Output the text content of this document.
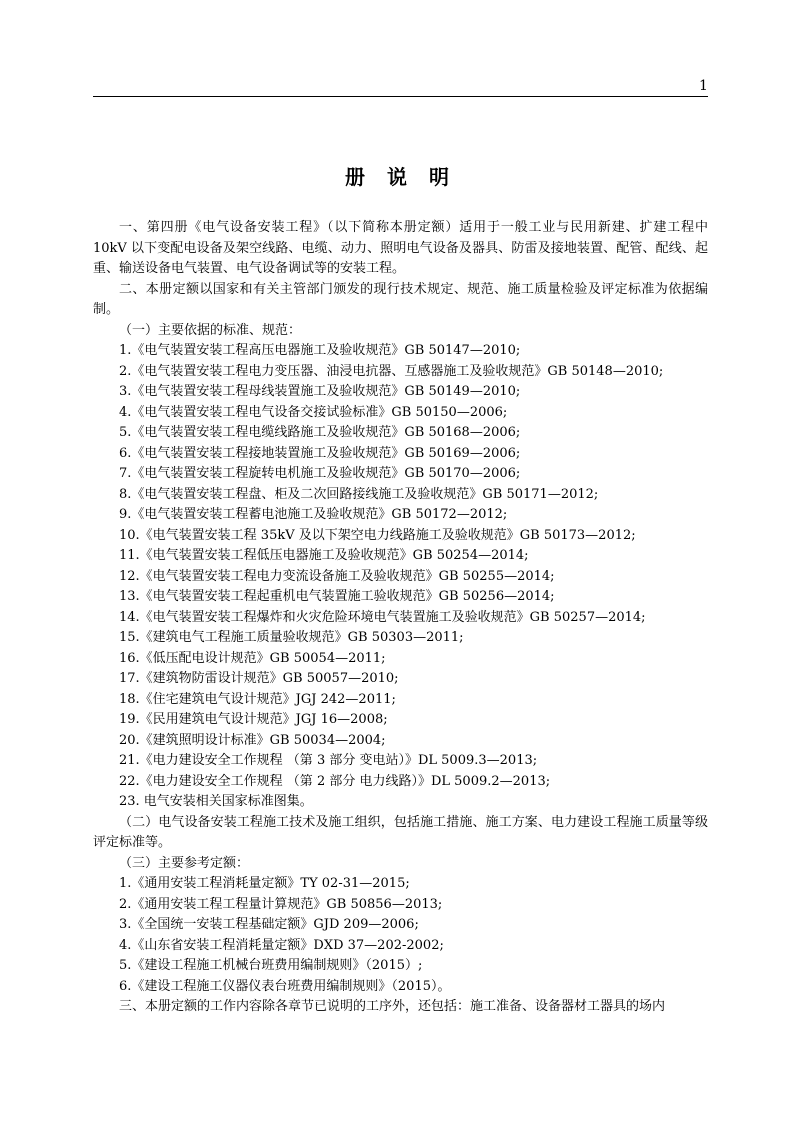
1
册说明

一、第四册《电气设备安装工程》（以下简称本册定额）适用于一般工业与民用新建、扩建工程中 10kV 以下变配电设备及架空线路、电缆、动力、照明电气设备及器具、防雷及接地装置、配管、配线、起重、输送设备电气装置、电气设备调试等的安装工程。

二、本册定额以国家和有关主管部门颁发的现行技术规定、规范、施工质量检验及评定标准为依据编制。

（一）主要依据的标准、规范：

1.《电气装置安装工程高压电器施工及验收规范》GB 50147—2010;

2.《电气装置安装工程电力变压器、油浸电抗器、互感器施工及验收规范》GB 50148—2010;

3.《电气装置安装工程母线装置施工及验收规范》GB 50149—2010;

4.《电气装置安装工程电气设备交接试验标准》GB 50150—2006;

5.《电气装置安装工程电缆线路施工及验收规范》GB 50168—2006;

6.《电气装置安装工程接地装置施工及验收规范》GB 50169—2006;

7.《电气装置安装工程旋转电机施工及验收规范》GB 50170—2006;

8.《电气装置安装工程盘、柜及二次回路接线施工及验收规范》GB 50171—2012;

9.《电气装置安装工程蓄电池施工及验收规范》GB 50172—2012;

10.《电气装置安装工程 35kV 及以下架空电力线路施工及验收规范》GB 50173—2012;

11.《电气装置安装工程低压电器施工及验收规范》GB 50254—2014;

12.《电气装置安装工程电力变流设备施工及验收规范》GB 50255—2014;

13.《电气装置安装工程起重机电气装置施工验收规范》GB 50256—2014;

14.《电气装置安装工程爆炸和火灾危险环境电气装置施工及验收规范》GB 50257—2014;

15.《建筑电气工程施工质量验收规范》GB 50303—2011;

16.《低压配电设计规范》GB 50054—2011;

17.《建筑物防雷设计规范》GB 50057—2010;

18.《住宅建筑电气设计规范》JGJ 242—2011;

19.《民用建筑电气设计规范》JGJ 16—2008;

20.《建筑照明设计标准》GB 50034—2004;

21.《电力建设安全工作规程 （第 3 部分 变电站）》DL 5009.3—2013;

22.《电力建设安全工作规程 （第 2 部分 电力线路）》DL 5009.2—2013;

23. 电气安装相关国家标准图集。

（二）电气设备安装工程施工技术及施工组织，包括施工措施、施工方案、电力建设工程施工质量等级评定标准等。

（三）主要参考定额：

1.《通用安装工程消耗量定额》TY 02-31—2015;

2.《通用安装工程工程量计算规范》GB 50856—2013;

3.《全国统一安装工程基础定额》GJD 209—2006;

4.《山东省安装工程消耗量定额》DXD 37—202-2002;

5.《建设工程施工机械台班费用编制规则》（2015）;

6.《建设工程施工仪器仪表台班费用编制规则》（2015）。

三、本册定额的工作内容除各章节已说明的工序外，还包括：施工准备、设备器材工器具的场内
